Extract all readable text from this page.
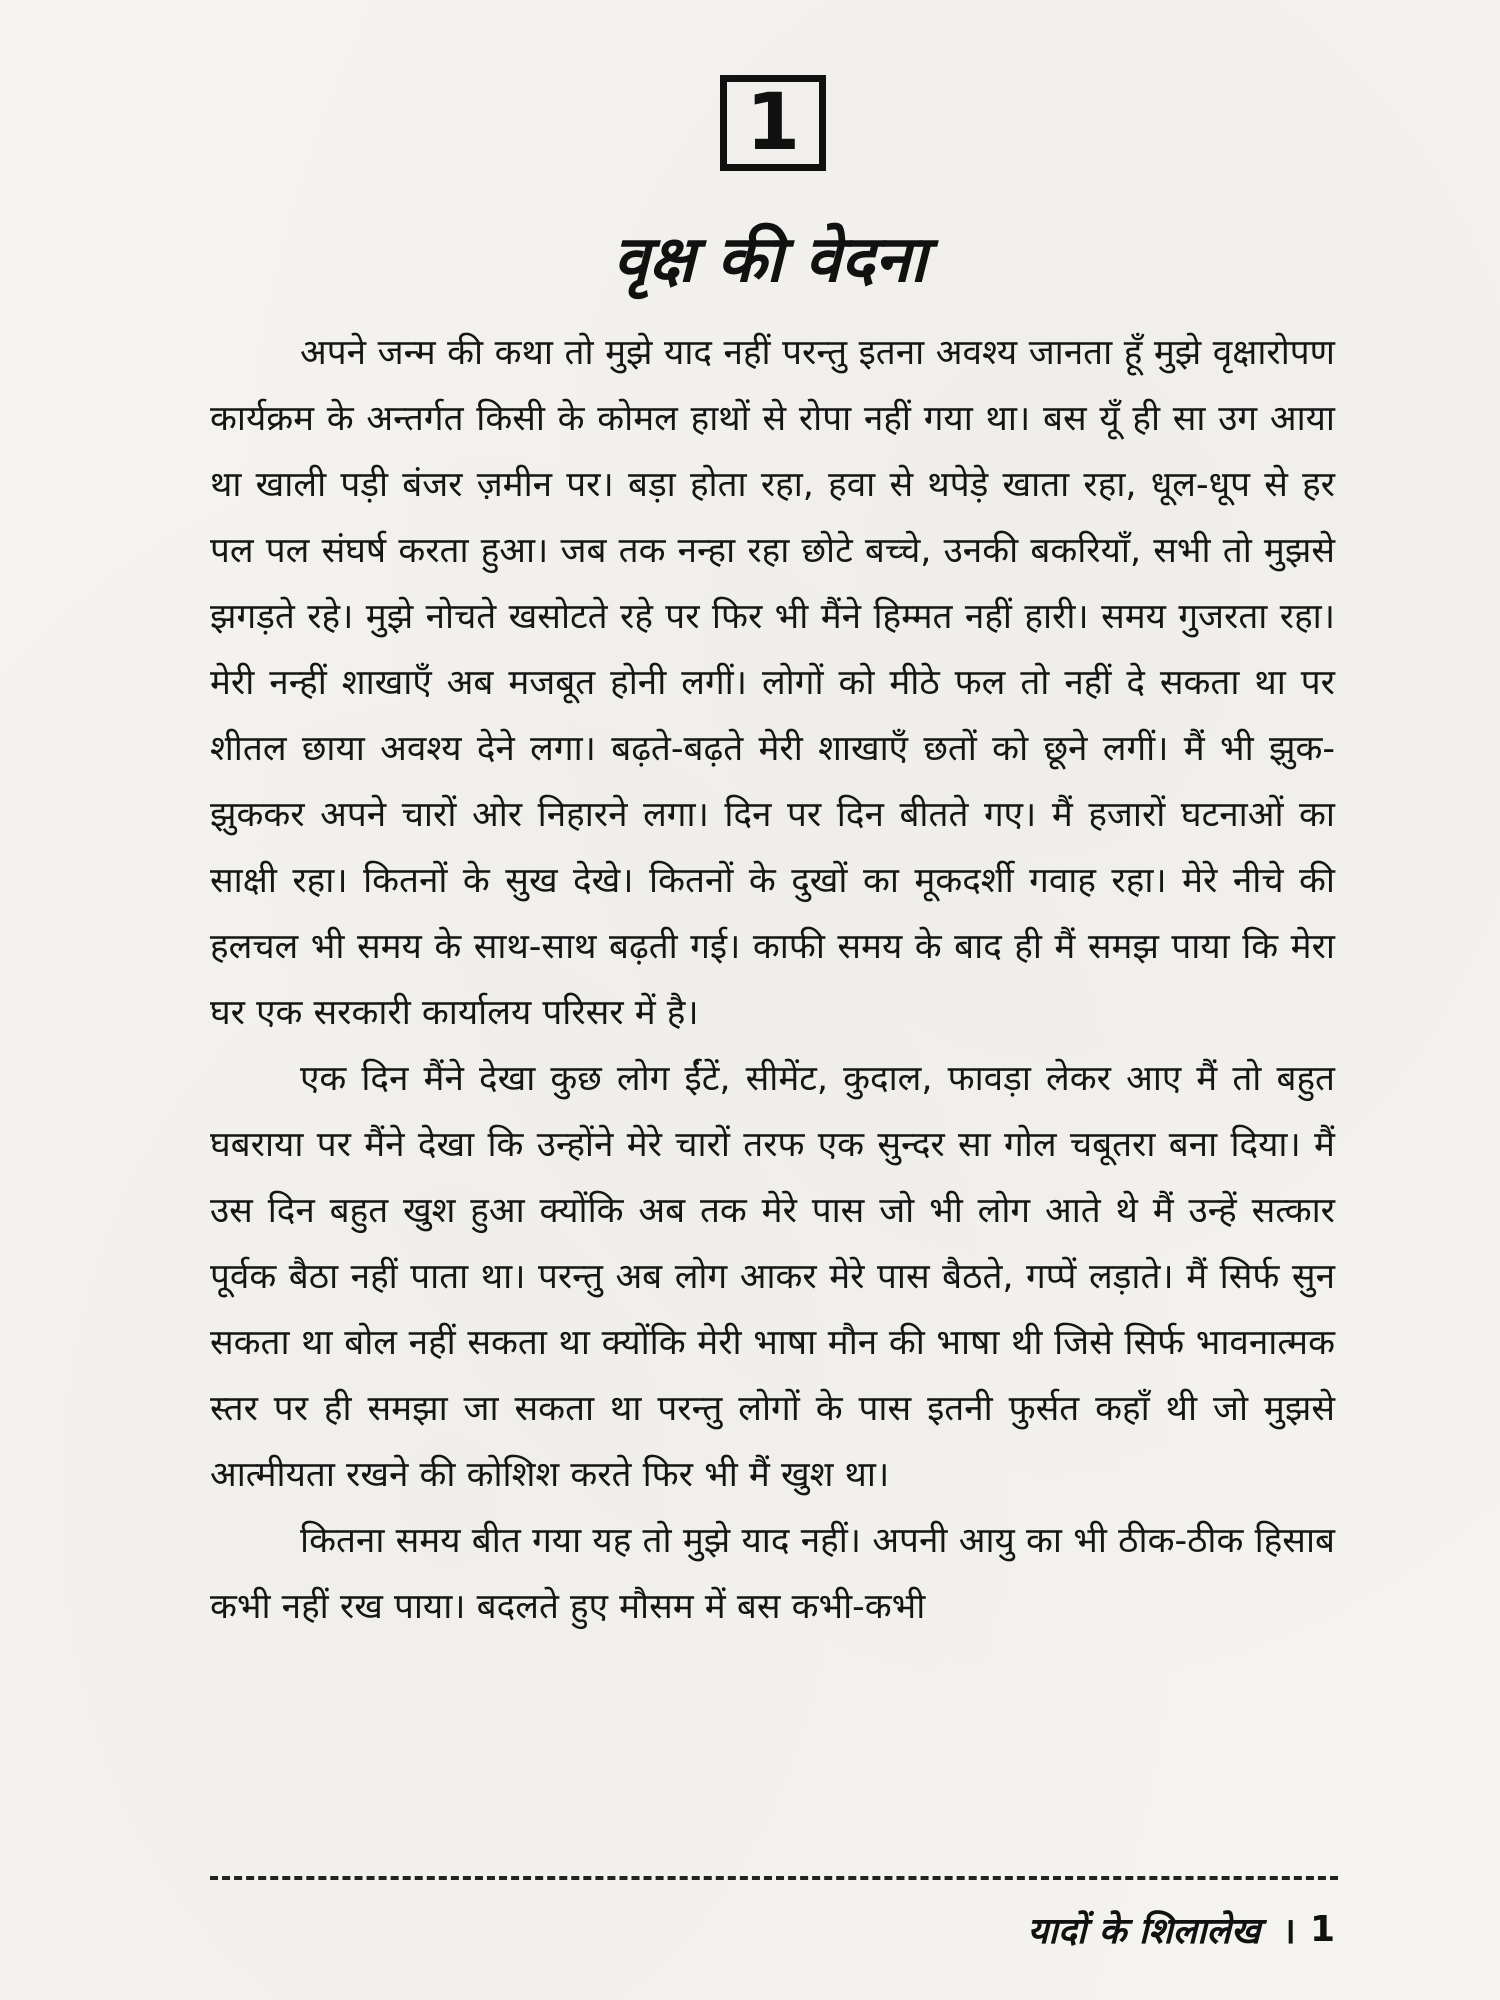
1
वृक्ष की वेदना

अपने जन्म की कथा तो मुझे याद नहीं परन्तु इतना अवश्य जानता हूँ मुझे वृक्षारोपण कार्यक्रम के अन्तर्गत किसी के कोमल हाथों से रोपा नहीं गया था। बस यूँ ही सा उग आया था खाली पड़ी बंजर ज़मीन पर। बड़ा होता रहा, हवा से थपेड़े खाता रहा, धूल-धूप से हर पल पल संघर्ष करता हुआ। जब तक नन्हा रहा छोटे बच्चे, उनकी बकरियाँ, सभी तो मुझसे झगड़ते रहे। मुझे नोचते खसोटते रहे पर फिर भी मैंने हिम्मत नहीं हारी। समय गुजरता रहा। मेरी नन्हीं शाखाएँ अब मजबूत होनी लगीं। लोगों को मीठे फल तो नहीं दे सकता था पर शीतल छाया अवश्य देने लगा। बढ़ते-बढ़ते मेरी शाखाएँ छतों को छूने लगीं। मैं भी झुक-झुककर अपने चारों ओर निहारने लगा। दिन पर दिन बीतते गए। मैं हजारों घटनाओं का साक्षी रहा। कितनों के सुख देखे। कितनों के दुखों का मूकदर्शी गवाह रहा। मेरे नीचे की हलचल भी समय के साथ-साथ बढ़ती गई। काफी समय के बाद ही मैं समझ पाया कि मेरा घर एक सरकारी कार्यालय परिसर में है।

एक दिन मैंने देखा कुछ लोग ईंटें, सीमेंट, कुदाल, फावड़ा लेकर आए मैं तो बहुत घबराया पर मैंने देखा कि उन्होंने मेरे चारों तरफ एक सुन्दर सा गोल चबूतरा बना दिया। मैं उस दिन बहुत खुश हुआ क्योंकि अब तक मेरे पास जो भी लोग आते थे मैं उन्हें सत्कार पूर्वक बैठा नहीं पाता था। परन्तु अब लोग आकर मेरे पास बैठते, गप्पें लड़ाते। मैं सिर्फ सुन सकता था बोल नहीं सकता था क्योंकि मेरी भाषा मौन की भाषा थी जिसे सिर्फ भावनात्मक स्तर पर ही समझा जा सकता था परन्तु लोगों के पास इतनी फुर्सत कहाँ थी जो मुझसे आत्मीयता रखने की कोशिश करते फिर भी मैं खुश था।

कितना समय बीत गया यह तो मुझे याद नहीं। अपनी आयु का भी ठीक-ठीक हिसाब कभी नहीं रख पाया। बदलते हुए मौसम में बस कभी-कभी

यादों के शिलालेख । 1
